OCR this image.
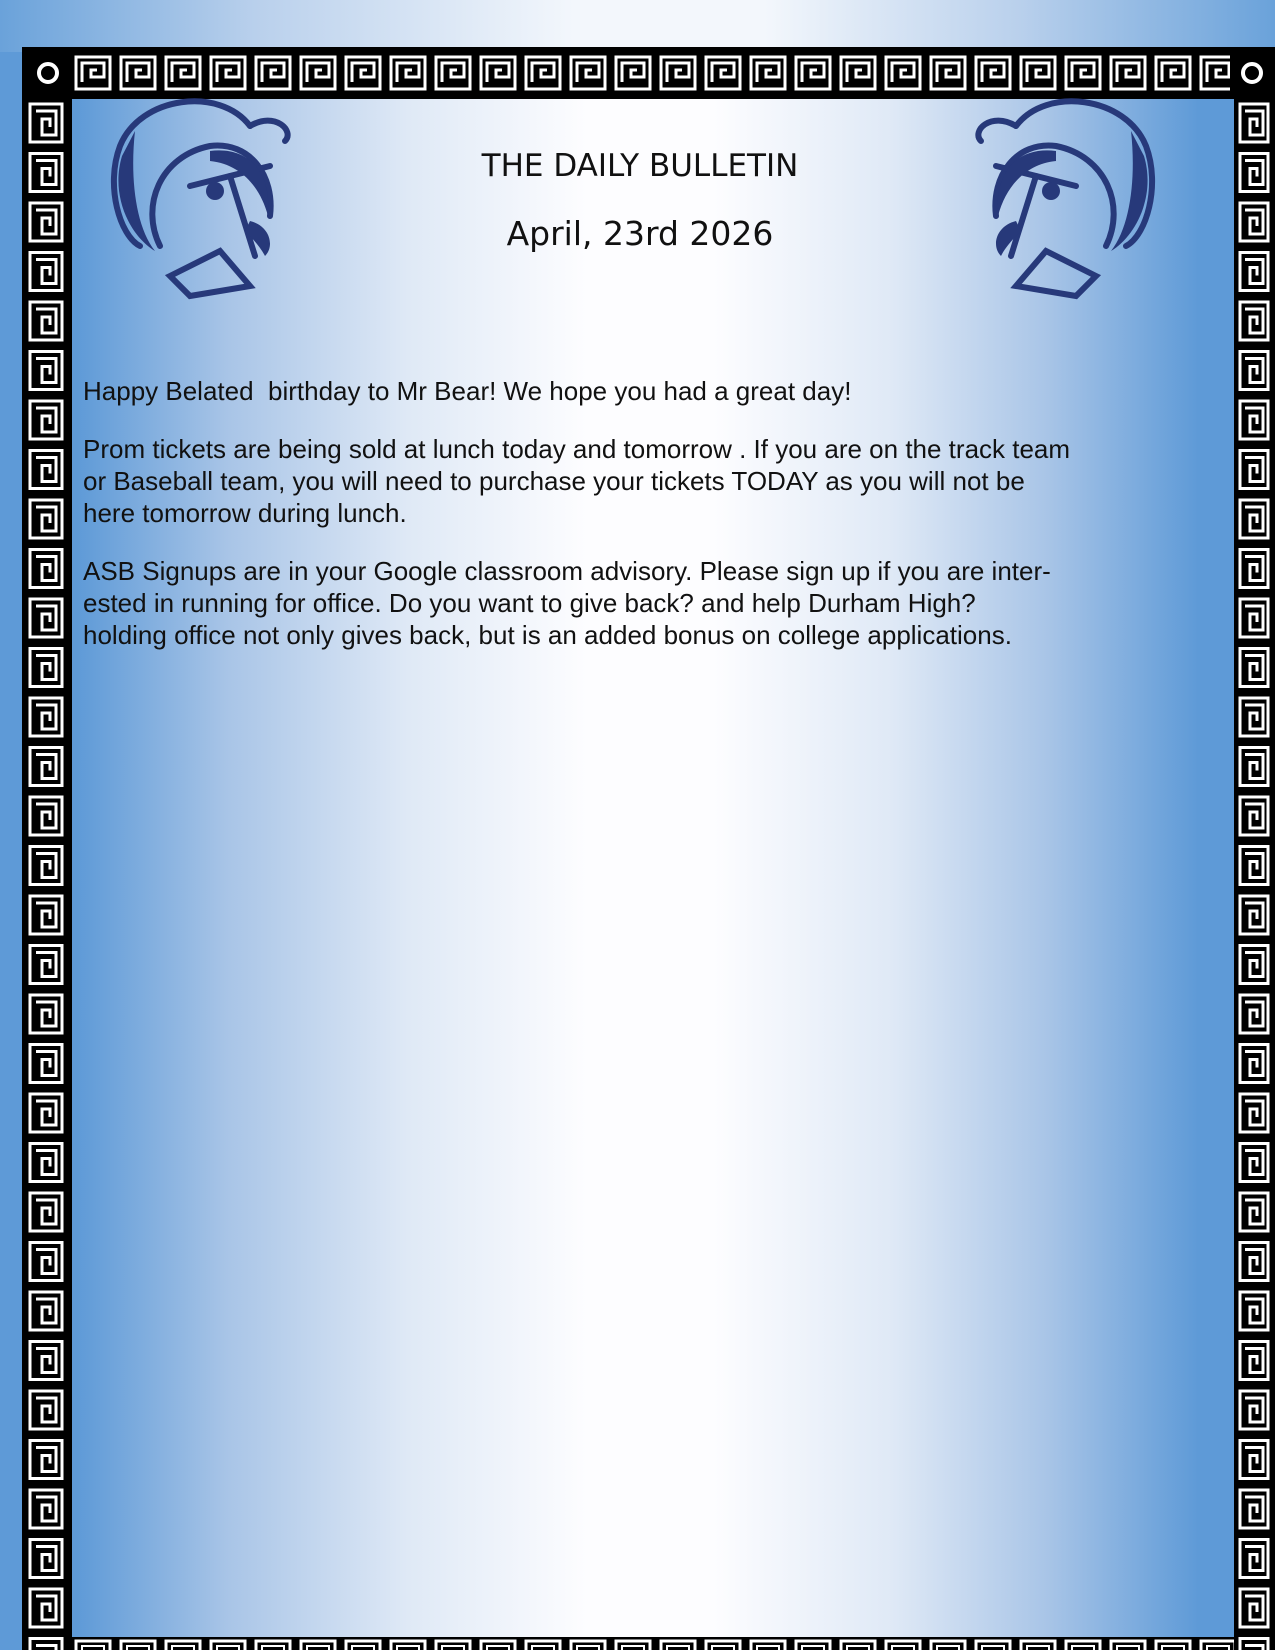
THE DAILY BULLETIN
April, 23rd 2026

Happy Belated  birthday to Mr Bear! We hope you had a great day!

Prom tickets are being sold at lunch today and tomorrow . If you are on the track team
or Baseball team, you will need to purchase your tickets TODAY as you will not be
here tomorrow during lunch.

ASB Signups are in your Google classroom advisory. Please sign up if you are inter-
ested in running for office. Do you want to give back? and help Durham High?
holding office not only gives back, but is an added bonus on college applications.
